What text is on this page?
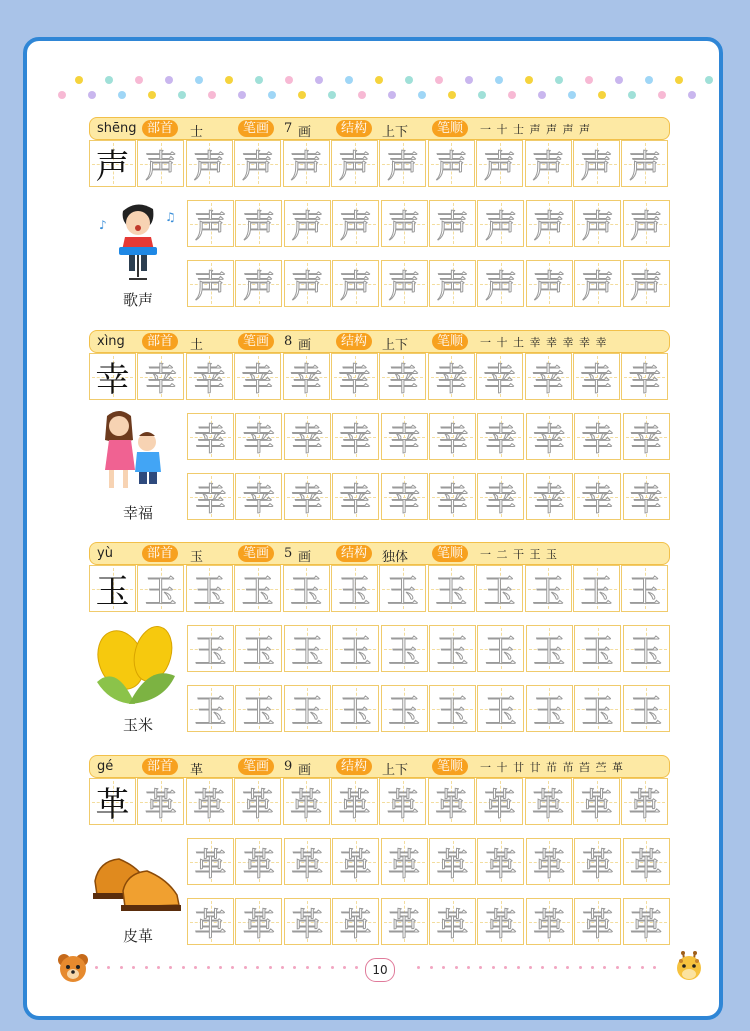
shēng 部首	士	笔画	7 画	结构	上下	笔顺	一 十 士 声 声 声 声
声 声 声 声 声 声 声 声 声 声 声 声
声 声 声 声 声 声 声 声 声 声
声 声 声 声 声 声 声 声 声 声
♪
♫
歌声
xìng	部首	土	笔画	8 画	结构	上下	笔顺	一 十 土 幸 幸 幸 幸 幸
幸 幸 幸 幸 幸 幸 幸 幸 幸 幸 幸 幸
幸 幸 幸 幸 幸 幸 幸 幸 幸 幸
幸 幸 幸 幸 幸 幸 幸 幸 幸 幸
幸福
yù	部首	玉	笔画	5 画	结构	独体	笔顺	一 二 干 王 玉
玉 玉 玉 玉 玉 玉 玉 玉 玉 玉 玉 玉
玉 玉 玉 玉 玉 玉 玉 玉 玉 玉
玉 玉 玉 玉 玉 玉 玉 玉 玉 玉
玉米
gé	部首	革	笔画	9 画	结构	上下	笔顺	一 十 廿 廿 芇 芇 苩 苎 革
革 革 革 革 革 革 革 革 革 革 革 革
革 革 革 革 革 革 革 革 革 革
革 革 革 革 革 革 革 革 革 革
皮革
10
